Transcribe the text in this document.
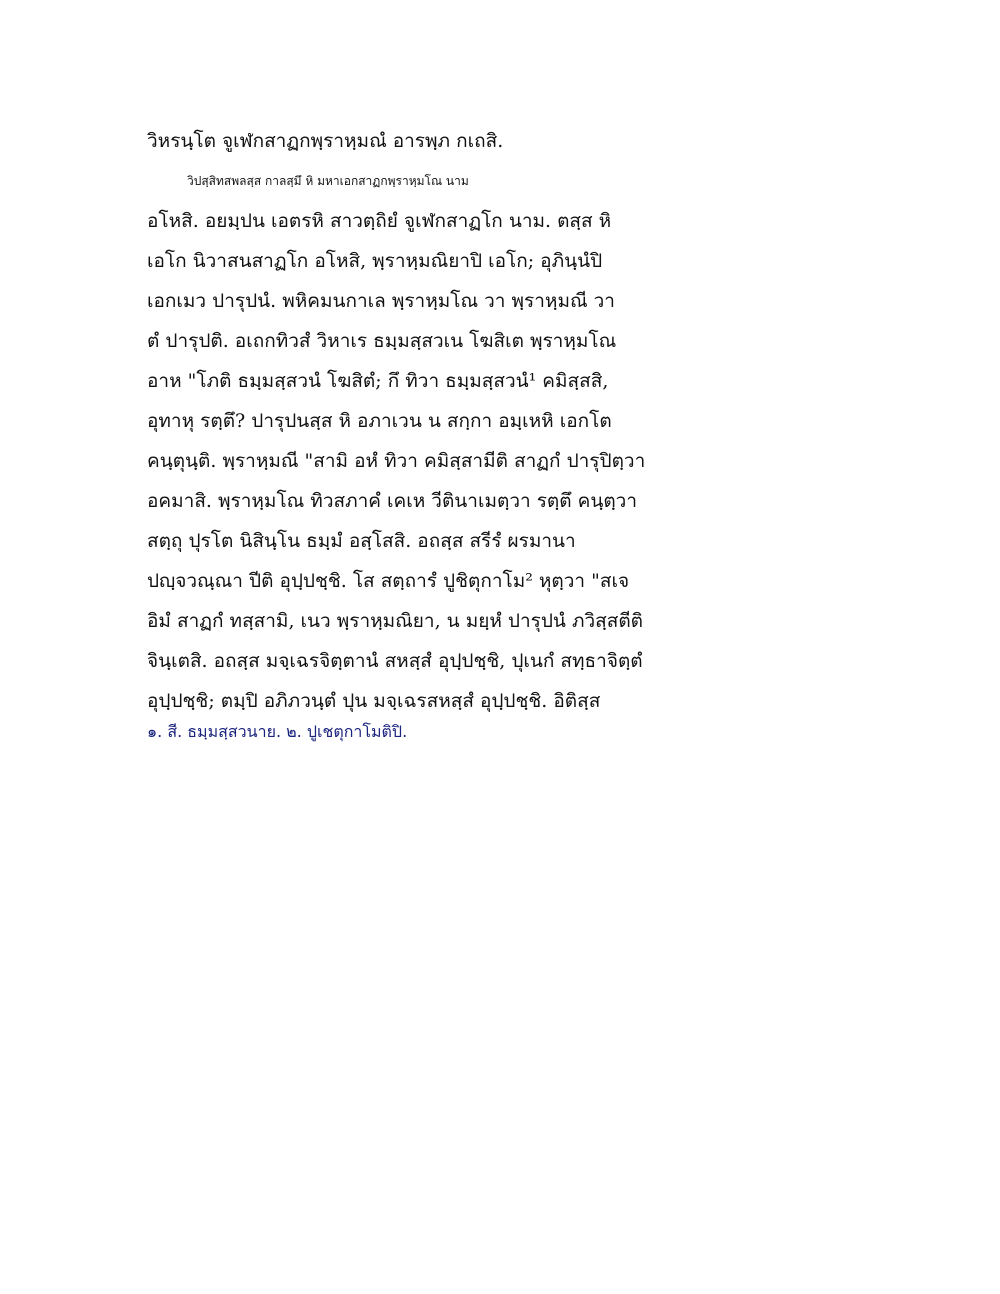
วิหรนฺโต จูเฬกสาฏกพฺราหฺมณํ อารพฺภ กเถสิ.
วิปสฺสิทสพลสฺส กาลสฺมึ หิ มหาเอกสาฏกพฺราหฺมโณ นาม
อโหสิ. อยมฺปน เอตรหิ สาวตฺถิยํ จูเฬกสาฏโก นาม. ตสฺส หิ
เอโก นิวาสนสาฏโก อโหสิ, พฺราหฺมณิยาปิ เอโก; อุภินฺนํปิ
เอกเมว ปารุปนํ. พหิคมนกาเล พฺราหฺมโณ วา พฺราหฺมณี วา
ตํ ปารุปติ. อเถกทิวสํ วิหาเร ธมฺมสฺสวเน โฆสิเต พฺราหฺมโณ
อาห "โภติ ธมฺมสฺสวนํ โฆสิตํ; กึ ทิวา ธมฺมสฺสวนํ¹ คมิสฺสสิ,
อุทาหุ รตฺตึ? ปารุปนสฺส หิ อภาเวน น สกฺกา อมฺเหหิ เอกโต
คนฺตุนฺติ. พฺราหฺมณี "สามิ อหํ ทิวา คมิสฺสามีติ สาฏกํ ปารุปิตฺวา
อคมาสิ. พฺราหฺมโณ ทิวสภาคํ เคเห วีตินาเมตฺวา รตฺตึ คนฺตฺวา
สตฺถุ ปุรโต นิสินฺโน ธมฺมํ อสฺโสสิ. อถสฺส สรีรํ ผรมานา
ปญฺจวณฺณา ปีติ อุปฺปชฺชิ. โส สตฺถารํ ปูชิตุกาโม² หุตฺวา "สเจ
อิมํ สาฏกํ ทสฺสามิ, เนว พฺราหฺมณิยา, น มยฺหํ ปารุปนํ ภวิสฺสตีติ
จินฺเตสิ. อถสฺส มจฺเฉรจิตฺตานํ สหสฺสํ อุปฺปชฺชิ, ปุเนกํ สทฺธาจิตฺตํ
อุปฺปชฺชิ; ตมฺปิ อภิภวนฺตํ ปุน มจฺเฉรสหสฺสํ อุปฺปชฺชิ. อิติสฺส
๑. สี. ธมฺมสฺสวนาย. ๒. ปูเชตุกาโมติปิ.
